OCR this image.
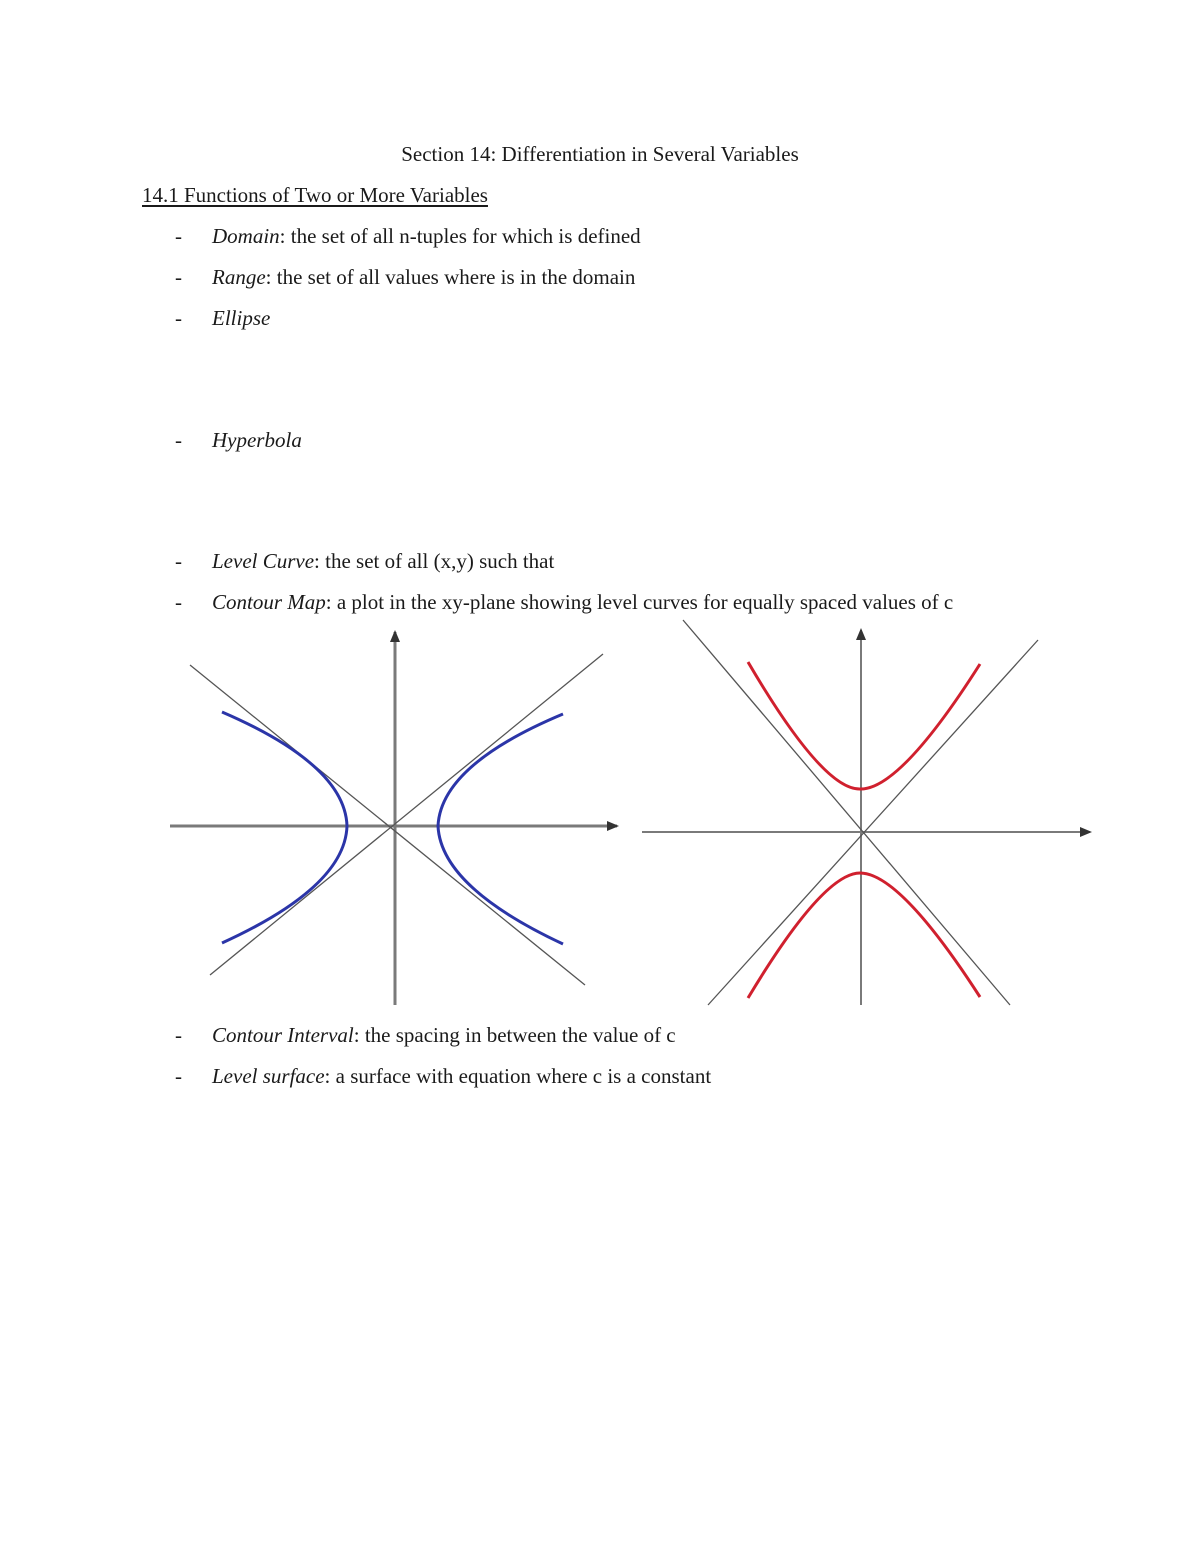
Section 14: Differentiation in Several Variables
14.1 Functions of Two or More Variables
- Domain: the set of all n-tuples for which is defined
- Range: the set of all values where is in the domain
- Ellipse
- Hyperbola
- Level Curve: the set of all (x,y) such that
- Contour Map: a plot in the xy-plane showing level curves for equally spaced values of c
- Contour Interval: the spacing in between the value of c
- Level surface: a surface with equation where c is a constant
